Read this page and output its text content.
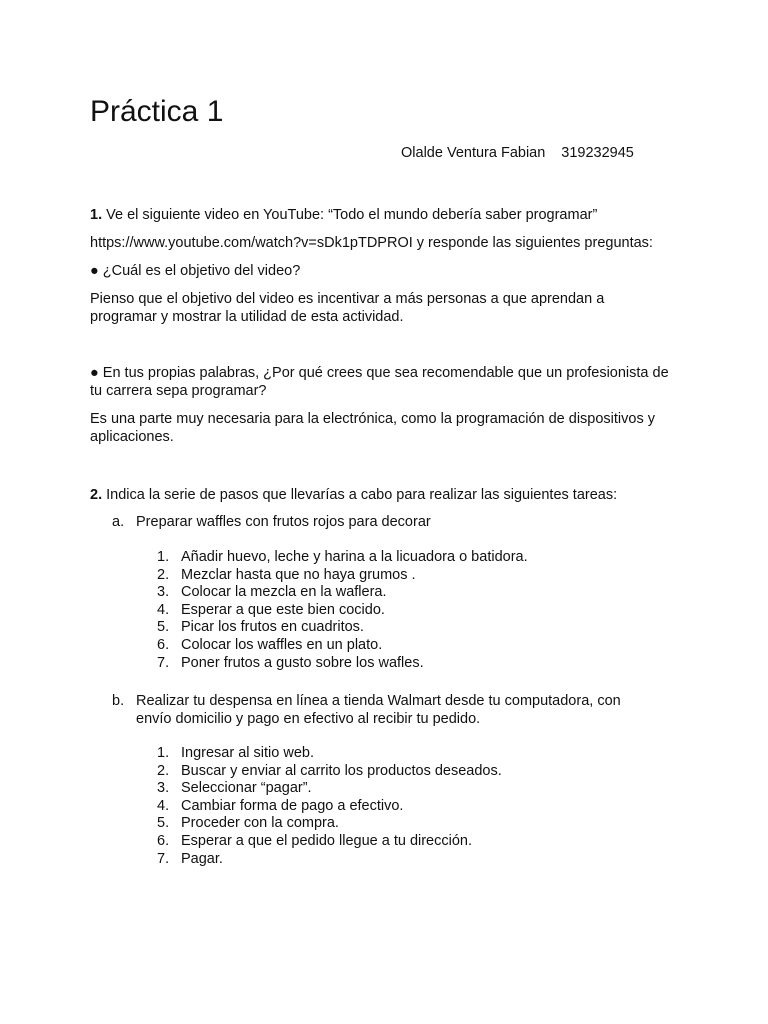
Práctica 1
Olalde Ventura Fabian 319232945

1. Ve el siguiente video en YouTube: “Todo el mundo debería saber programar”

https://www.youtube.com/watch?v=sDk1pTDPROI y responde las siguientes preguntas:

● ¿Cuál es el objetivo del video?

Pienso que el objetivo del video es incentivar a más personas a que aprendan a programar y mostrar la utilidad de esta actividad.

● En tus propias palabras, ¿Por qué crees que sea recomendable que un profesionista de tu carrera sepa programar?

Es una parte muy necesaria para la electrónica, como la programación de dispositivos y aplicaciones.

2. Indica la serie de pasos que llevarías a cabo para realizar las siguientes tareas:

a. Preparar waffles con frutos rojos para decorar
1. Añadir huevo, leche y harina a la licuadora o batidora.
2. Mezclar hasta que no haya grumos .
3. Colocar la mezcla en la waflera.
4. Esperar a que este bien cocido.
5. Picar los frutos en cuadritos.
6. Colocar los waffles en un plato.
7. Poner frutos a gusto sobre los wafles.
b. Realizar tu despensa en línea a tienda Walmart desde tu computadora, con envío domicilio y pago en efectivo al recibir tu pedido.
1. Ingresar al sitio web.
2. Buscar y enviar al carrito los productos deseados.
3. Seleccionar “pagar”.
4. Cambiar forma de pago a efectivo.
5. Proceder con la compra.
6. Esperar a que el pedido llegue a tu dirección.
7. Pagar.
